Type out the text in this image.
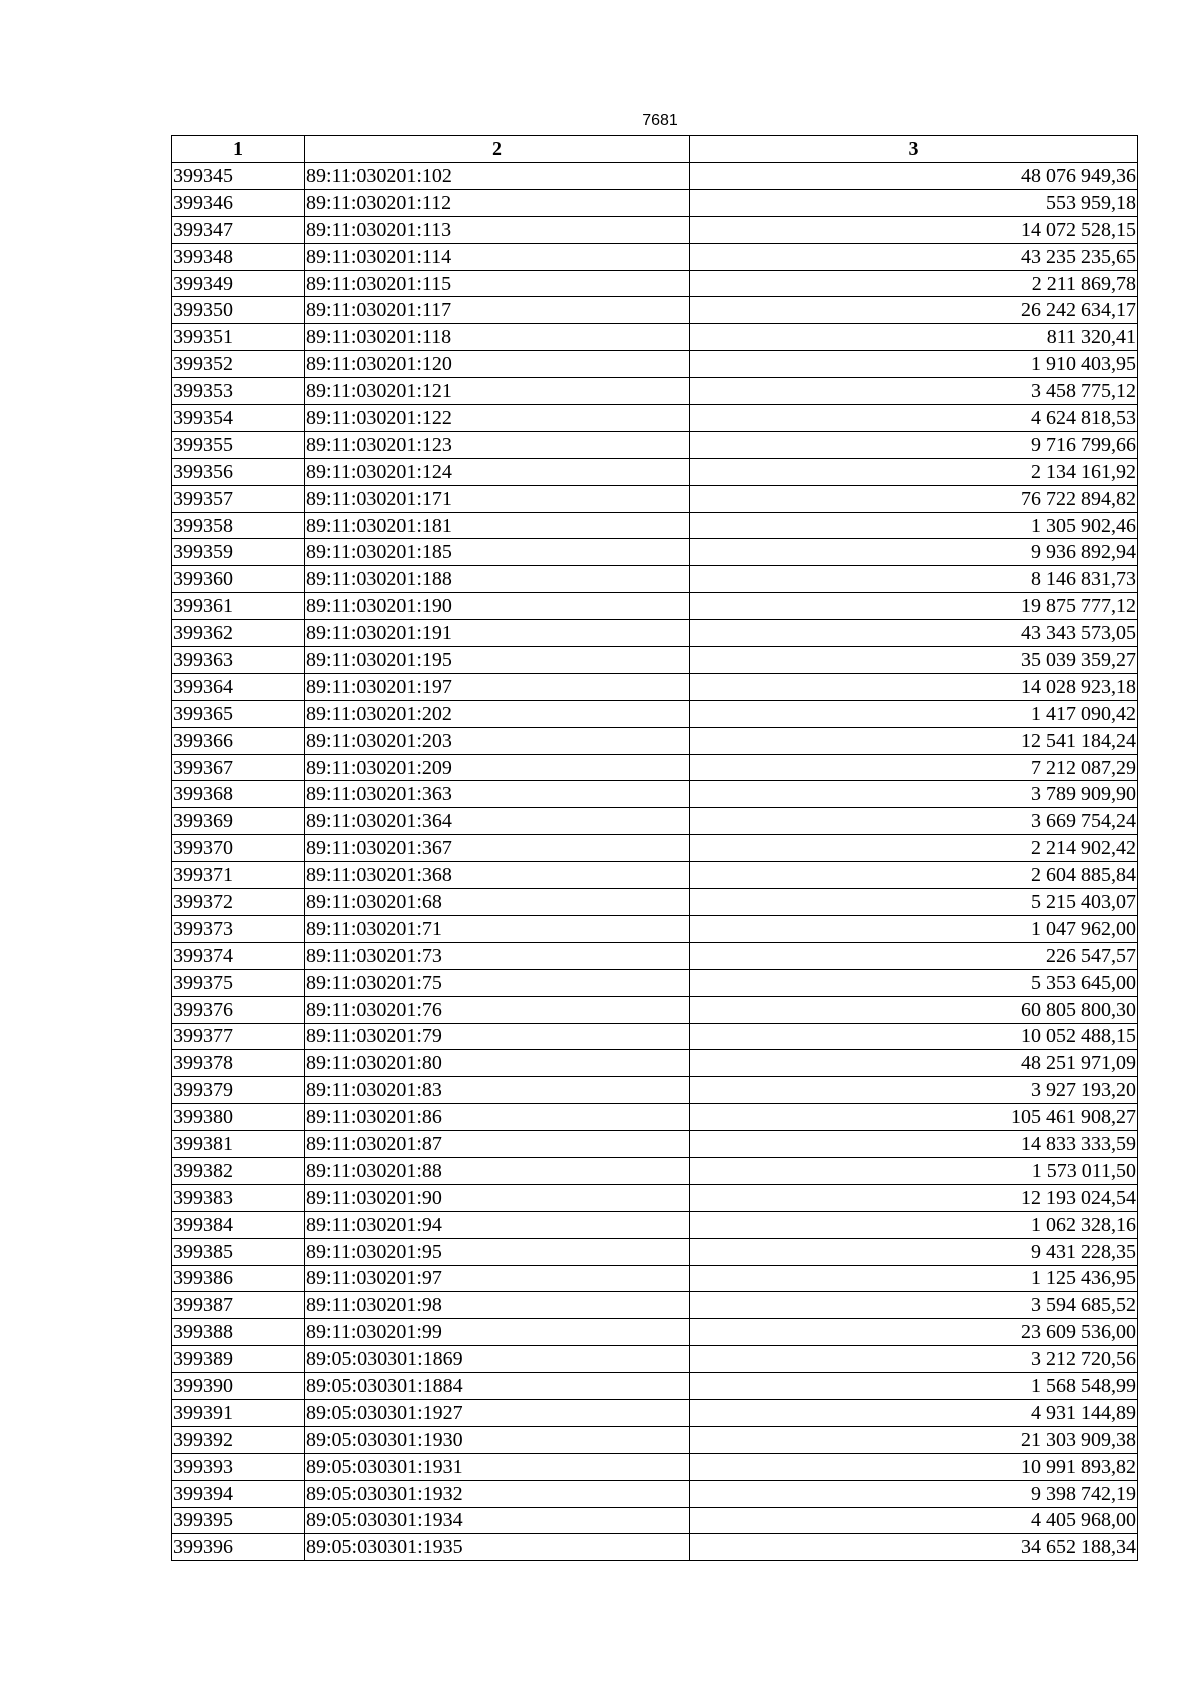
7681
1	2	3
399345	89:11:030201:102	48 076 949,36
399346	89:11:030201:112	553 959,18
399347	89:11:030201:113	14 072 528,15
399348	89:11:030201:114	43 235 235,65
399349	89:11:030201:115	2 211 869,78
399350	89:11:030201:117	26 242 634,17
399351	89:11:030201:118	811 320,41
399352	89:11:030201:120	1 910 403,95
399353	89:11:030201:121	3 458 775,12
399354	89:11:030201:122	4 624 818,53
399355	89:11:030201:123	9 716 799,66
399356	89:11:030201:124	2 134 161,92
399357	89:11:030201:171	76 722 894,82
399358	89:11:030201:181	1 305 902,46
399359	89:11:030201:185	9 936 892,94
399360	89:11:030201:188	8 146 831,73
399361	89:11:030201:190	19 875 777,12
399362	89:11:030201:191	43 343 573,05
399363	89:11:030201:195	35 039 359,27
399364	89:11:030201:197	14 028 923,18
399365	89:11:030201:202	1 417 090,42
399366	89:11:030201:203	12 541 184,24
399367	89:11:030201:209	7 212 087,29
399368	89:11:030201:363	3 789 909,90
399369	89:11:030201:364	3 669 754,24
399370	89:11:030201:367	2 214 902,42
399371	89:11:030201:368	2 604 885,84
399372	89:11:030201:68	5 215 403,07
399373	89:11:030201:71	1 047 962,00
399374	89:11:030201:73	226 547,57
399375	89:11:030201:75	5 353 645,00
399376	89:11:030201:76	60 805 800,30
399377	89:11:030201:79	10 052 488,15
399378	89:11:030201:80	48 251 971,09
399379	89:11:030201:83	3 927 193,20
399380	89:11:030201:86	105 461 908,27
399381	89:11:030201:87	14 833 333,59
399382	89:11:030201:88	1 573 011,50
399383	89:11:030201:90	12 193 024,54
399384	89:11:030201:94	1 062 328,16
399385	89:11:030201:95	9 431 228,35
399386	89:11:030201:97	1 125 436,95
399387	89:11:030201:98	3 594 685,52
399388	89:11:030201:99	23 609 536,00
399389	89:05:030301:1869	3 212 720,56
399390	89:05:030301:1884	1 568 548,99
399391	89:05:030301:1927	4 931 144,89
399392	89:05:030301:1930	21 303 909,38
399393	89:05:030301:1931	10 991 893,82
399394	89:05:030301:1932	9 398 742,19
399395	89:05:030301:1934	4 405 968,00
399396	89:05:030301:1935	34 652 188,34
